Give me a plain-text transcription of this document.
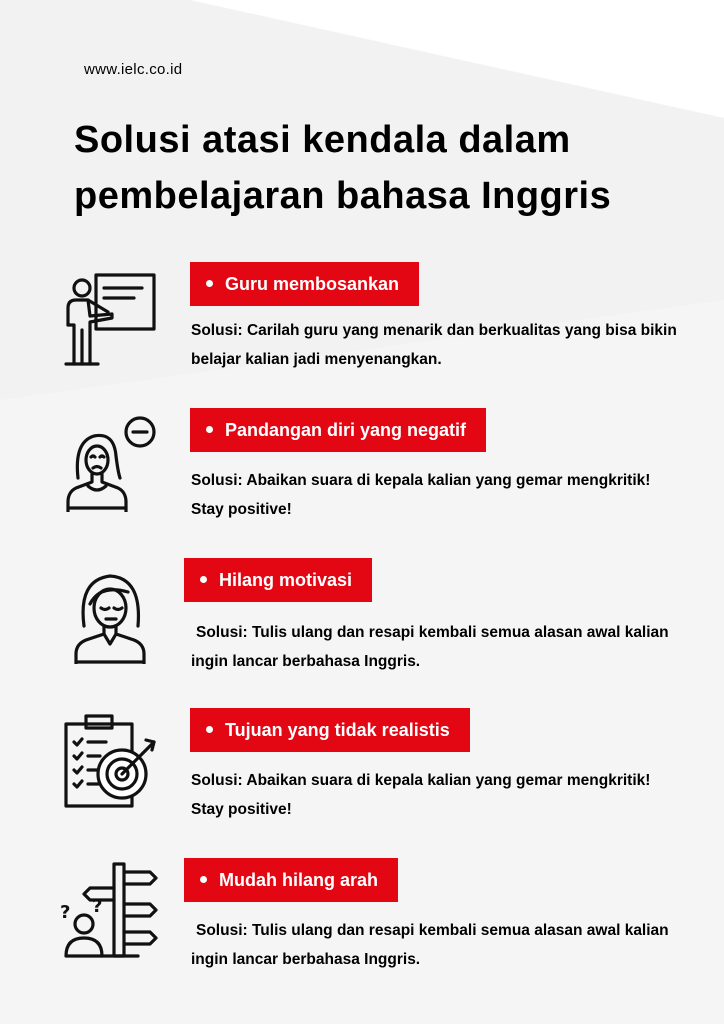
www.ielc.co.id
Solusi atasi kendala dalam pembelajaran bahasa Inggris
Guru membosankan
Solusi: Carilah guru yang menarik dan berkualitas yang bisa bikin belajar kalian jadi menyenangkan.
Pandangan diri yang negatif
Solusi: Abaikan suara di kepala kalian yang gemar mengkritik! Stay positive!
Hilang motivasi
Solusi: Tulis ulang dan resapi kembali semua alasan awal kalian ingin lancar berbahasa Inggris.
Tujuan yang tidak realistis
Solusi: Abaikan suara di kepala kalian yang gemar mengkritik! Stay positive!
? ?
Mudah hilang arah
Solusi: Tulis ulang dan resapi kembali semua alasan awal kalian ingin lancar berbahasa Inggris.
